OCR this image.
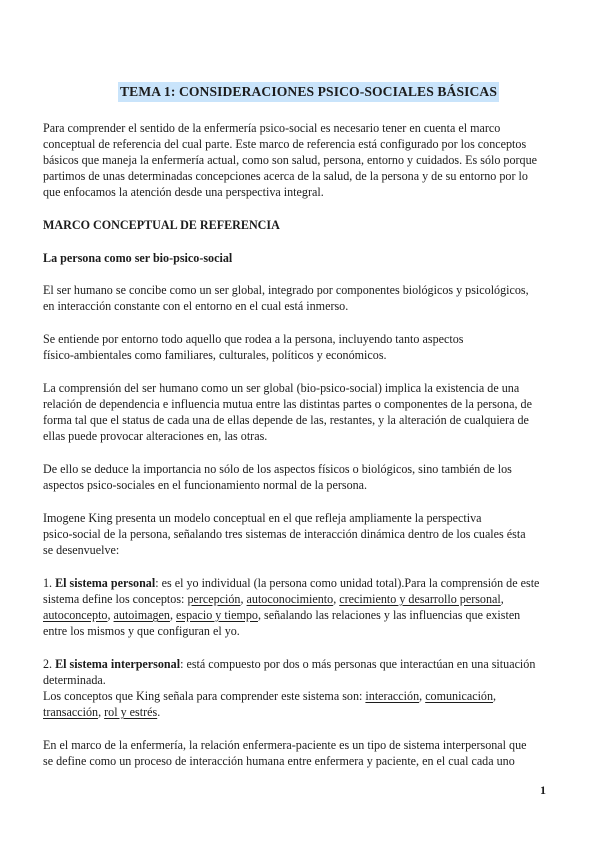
TEMA 1: CONSIDERACIONES PSICO-SOCIALES BÁSICAS
Para comprender el sentido de la enfermería psico-social es necesario tener en cuenta el marco
conceptual de referencia del cual parte. Este marco de referencia está configurado por los conceptos
básicos que maneja la enfermería actual, como son salud, persona, entorno y cuidados. Es sólo porque
partimos de unas determinadas concepciones acerca de la salud, de la persona y de su entorno por lo
que enfocamos la atención desde una perspectiva integral.
MARCO CONCEPTUAL DE REFERENCIA
La persona como ser bio-psico-social
El ser humano se concibe como un ser global, integrado por componentes biológicos y psicológicos,
en interacción constante con el entorno en el cual está inmerso.
Se entiende por entorno todo aquello que rodea a la persona, incluyendo tanto aspectos
físico-ambientales como familiares, culturales, políticos y económicos.
La comprensión del ser humano como un ser global (bio-psico-social) implica la existencia de una
relación de dependencia e influencia mutua entre las distintas partes o componentes de la persona, de
forma tal que el status de cada una de ellas depende de las, restantes, y la alteración de cualquiera de
ellas puede provocar alteraciones en, las otras.
De ello se deduce la importancia no sólo de los aspectos físicos o biológicos, sino también de los
aspectos psico-sociales en el funcionamiento normal de la persona.
Imogene King presenta un modelo conceptual en el que refleja ampliamente la perspectiva
psico-social de la persona, señalando tres sistemas de interacción dinámica dentro de los cuales ésta
se desenvuelve:
1. El sistema personal: es el yo individual (la persona como unidad total).Para la comprensión de este
sistema define los conceptos: percepción, autoconocimiento, crecimiento y desarrollo personal,
autoconcepto, autoimagen, espacio y tiempo, señalando las relaciones y las influencias que existen
entre los mismos y que configuran el yo.
2. El sistema interpersonal: está compuesto por dos o más personas que interactúan en una situación
determinada.
Los conceptos que King señala para comprender este sistema son: interacción, comunicación,
transacción, rol y estrés.
En el marco de la enfermería, la relación enfermera-paciente es un tipo de sistema interpersonal que
se define como un proceso de interacción humana entre enfermera y paciente, en el cual cada uno
1
